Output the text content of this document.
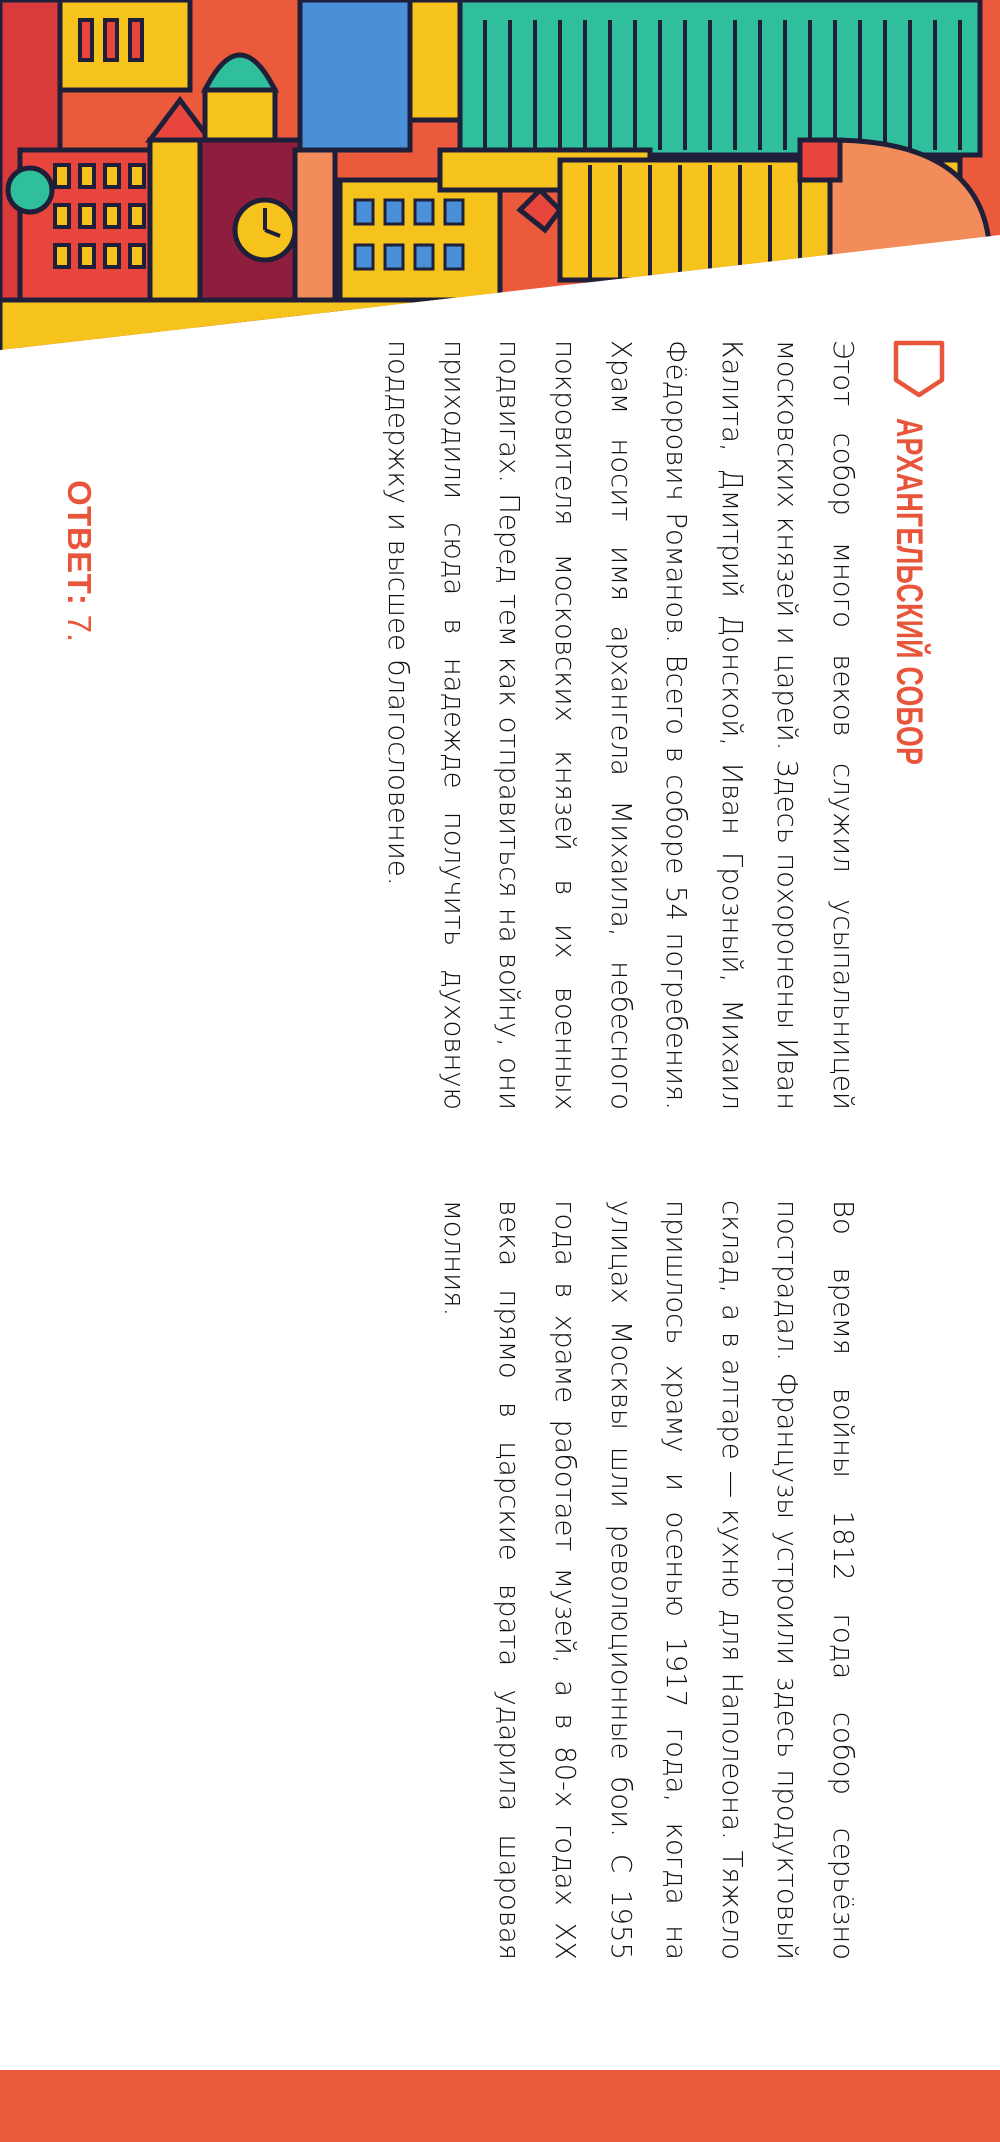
АРХАНГЕЛЬСКИЙ СОБОР

Этот собор много веков служил усыпальницей московских князей и царей. Здесь похоронены Иван Калита, Дмитрий Донской, Иван Грозный, Михаил Фёдорович Романов. Всего в соборе 54 погребения. Храм носит имя архангела Михаила, небесного покровителя московских князей в их военных подвигах. Перед тем как отправиться на войну, они приходили сюда в надежде получить духовную поддержку и высшее благословение.

Во время войны 1812 года собор серьёзно пострадал. Французы устроили здесь продуктовый склад, а в алтаре — кухню для Наполеона. Тяжело пришлось храму и осенью 1917 года, когда на улицах Москвы шли революционные бои. С 1955 года в храме работает музей, а в 80-х годах XX века прямо в царские врата ударила шаровая молния.

ОТВЕТ: 7.
